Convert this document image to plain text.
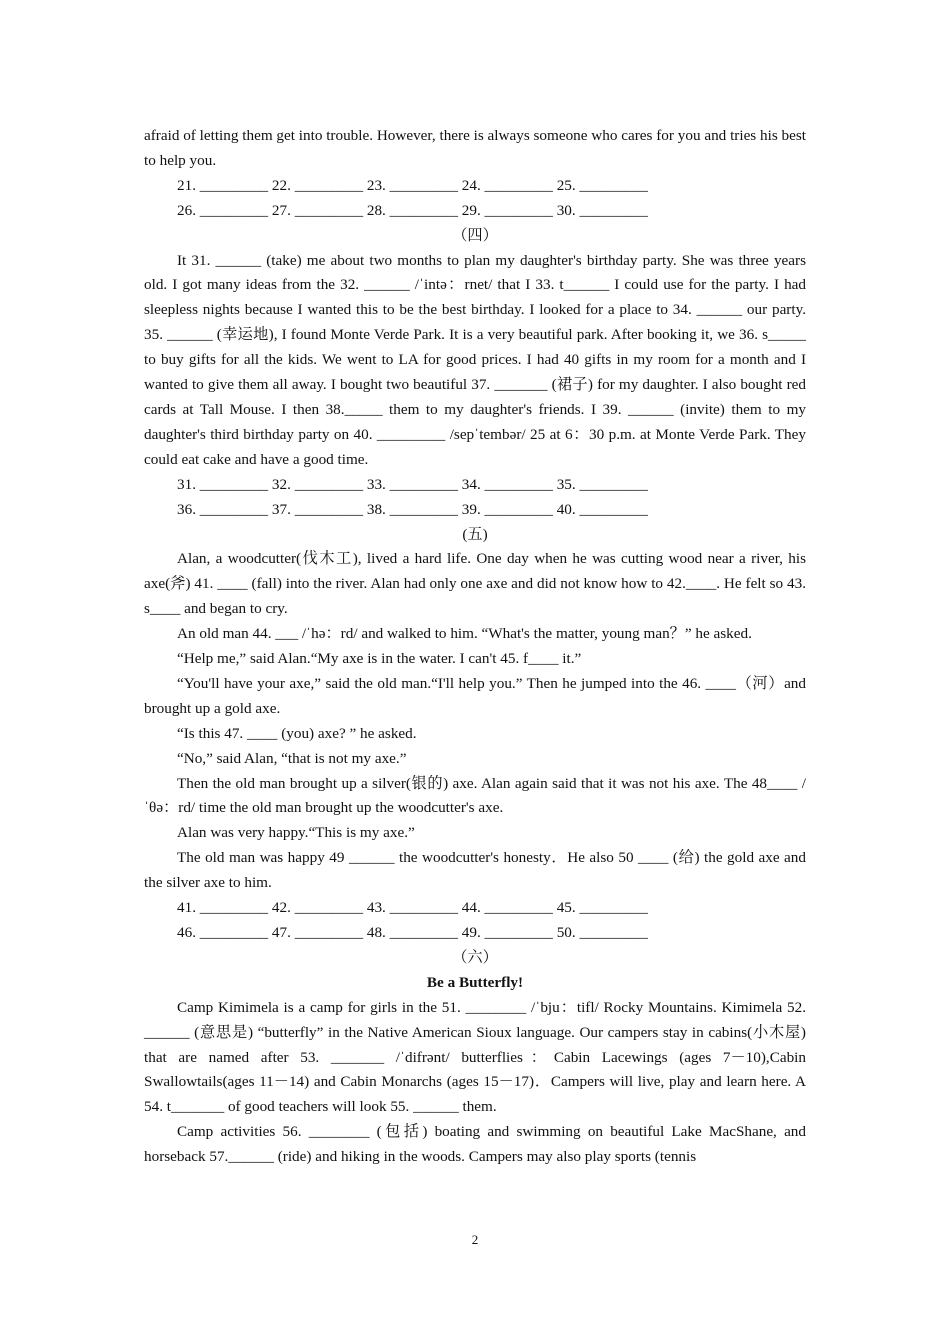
afraid of letting them get into trouble. However, there is always someone who cares for you and tries his best to help you.

21. _________ 22. _________ 23. _________ 24. _________ 25. _________

26. _________ 27. _________ 28. _________ 29. _________ 30. _________

（四）

It 31. ______ (take) me about two months to plan my daughter's birthday party. She was three years old. I got many ideas from the 32. ______ /ˈintə：rnet/ that I 33. t______ I could use for the party. I had sleepless nights because I wanted this to be the best birthday. I looked for a place to 34. ______ our party. 35. ______ (幸运地), I found Monte Verde Park. It is a very beautiful park. After booking it, we 36. s_____ to buy gifts for all the kids. We went to LA for good prices. I had 40 gifts in my room for a month and I wanted to give them all away. I bought two beautiful 37. _______ (裙子) for my daughter. I also bought red cards at Tall Mouse. I then 38._____ them to my daughter's friends. I 39. ______ (invite) them to my daughter's third birthday party on 40. _________ /sepˈtembər/ 25 at 6：30 p.m. at Monte Verde Park. They could eat cake and have a good time.

31. _________ 32. _________ 33. _________ 34. _________ 35. _________

36. _________ 37. _________ 38. _________ 39. _________ 40. _________

(五)

Alan, a woodcutter(伐木工), lived a hard life. One day when he was cutting wood near a river, his axe(斧) 41. ____ (fall) into the river. Alan had only one axe and did not know how to 42.____. He felt so 43. s____ and began to cry.

An old man 44. ___ /ˈhə：rd/ and walked to him. “What's the matter, young man？” he asked.

“Help me,” said Alan.“My axe is in the water. I can't 45. f____ it.”

“You'll have your axe,” said the old man.“I'll help you.” Then he jumped into the 46. ____（河）and brought up a gold axe.

“Is this 47. ____ (you) axe? ” he asked.

“No,” said Alan, “that is not my axe.”

Then the old man brought up a silver(银的) axe. Alan again said that it was not his axe. The 48____ /ˈθə：rd/ time the old man brought up the woodcutter's axe.

Alan was very happy.“This is my axe.”

The old man was happy 49 ______ the woodcutter's honesty．He also 50 ____ (给) the gold axe and the silver axe to him.

41. _________ 42. _________ 43. _________ 44. _________ 45. _________

46. _________ 47. _________ 48. _________ 49. _________ 50. _________

（六）

Be a Butterfly!

Camp Kimimela is a camp for girls in the 51. ________ /ˈbju：tifl/ Rocky Mountains. Kimimela 52. ______ (意思是) “butterfly” in the Native American Sioux language. Our campers stay in cabins(小木屋) that are named after 53. _______ /ˈdifrənt/ butterflies：Cabin Lacewings (ages 7－10),Cabin Swallowtails(ages 11－14) and Cabin Monarchs (ages 15－17)．Campers will live, play and learn here. A 54. t_______ of good teachers will look 55. ______ them.

Camp activities 56. ________ (包括) boating and swimming on beautiful Lake MacShane, and horseback 57.______ (ride) and hiking in the woods. Campers may also play sports (tennis

2
